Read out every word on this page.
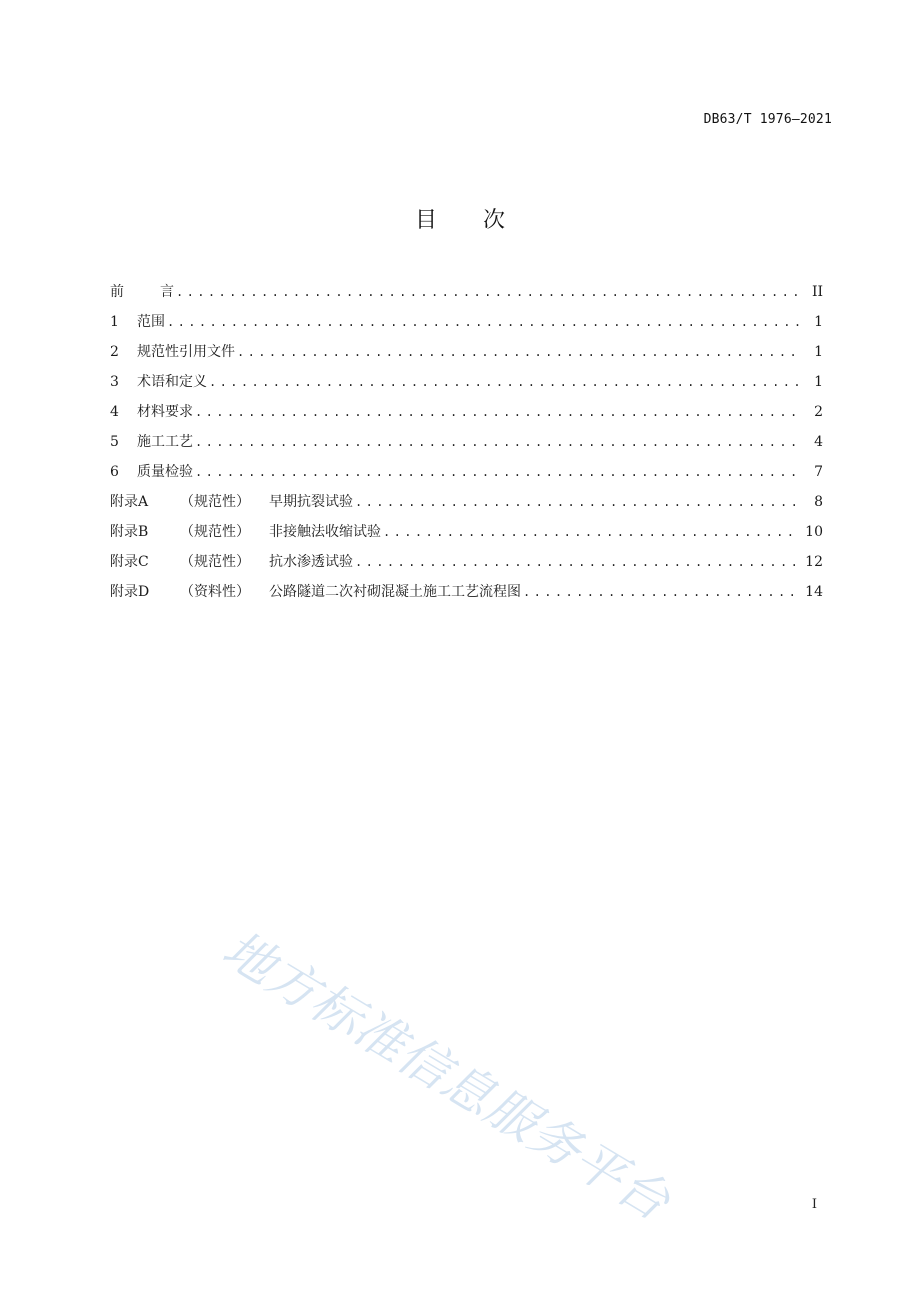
DB63/T 1976—2021
目 次
前	言 .....	II
1	范围 .....	1
2	规范性引用文件 .....	1
3	术语和定义 .....	1
4	材料要求 .....	2
5	施工工艺 .....	4
6	质量检验 .....	7
附录A	（规范性）	早期抗裂试验 .....	8
附录B	（规范性）	非接触法收缩试验 .....	10
附录C	（规范性）	抗水渗透试验 .....	12
附录D	（资料性）	公路隧道二次衬砌混凝土施工工艺流程图 .....	14
地方标准信息服务平台	I
